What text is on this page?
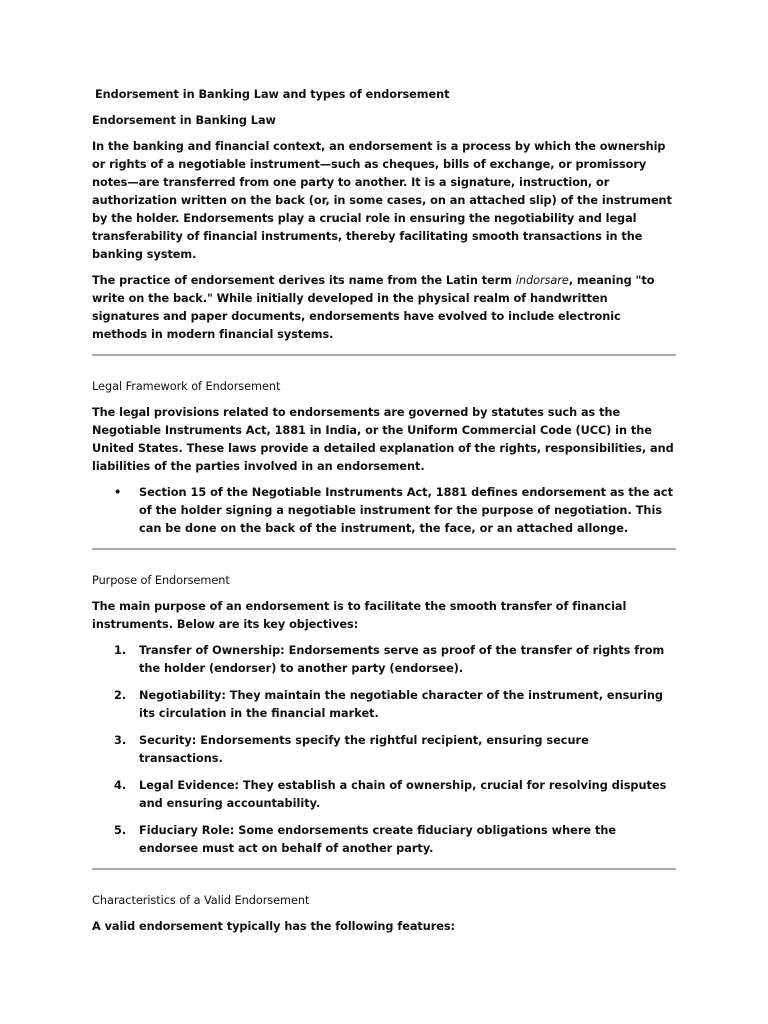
Endorsement in Banking Law and types of endorsement
Endorsement in Banking Law

In the banking and financial context, an endorsement is a process by which the ownership or rights of a negotiable instrument—such as cheques, bills of exchange, or promissory notes—are transferred from one party to another. It is a signature, instruction, or authorization written on the back (or, in some cases, on an attached slip) of the instrument by the holder. Endorsements play a crucial role in ensuring the negotiability and legal transferability of financial instruments, thereby facilitating smooth transactions in the banking system.

The practice of endorsement derives its name from the Latin term indorsare, meaning "to write on the back." While initially developed in the physical realm of handwritten signatures and paper documents, endorsements have evolved to include electronic methods in modern financial systems.

Legal Framework of Endorsement

The legal provisions related to endorsements are governed by statutes such as the Negotiable Instruments Act, 1881 in India, or the Uniform Commercial Code (UCC) in the United States. These laws provide a detailed explanation of the rights, responsibilities, and liabilities of the parties involved in an endorsement.

• Section 15 of the Negotiable Instruments Act, 1881 defines endorsement as the act of the holder signing a negotiable instrument for the purpose of negotiation. This can be done on the back of the instrument, the face, or an attached allonge.
Purpose of Endorsement

The main purpose of an endorsement is to facilitate the smooth transfer of financial instruments. Below are its key objectives:

1. Transfer of Ownership: Endorsements serve as proof of the transfer of rights from the holder (endorser) to another party (endorsee).
2. Negotiability: They maintain the negotiable character of the instrument, ensuring its circulation in the financial market.
3. Security: Endorsements specify the rightful recipient, ensuring secure transactions.
4. Legal Evidence: They establish a chain of ownership, crucial for resolving disputes and ensuring accountability.
5. Fiduciary Role: Some endorsements create fiduciary obligations where the endorsee must act on behalf of another party.
Characteristics of a Valid Endorsement

A valid endorsement typically has the following features:
